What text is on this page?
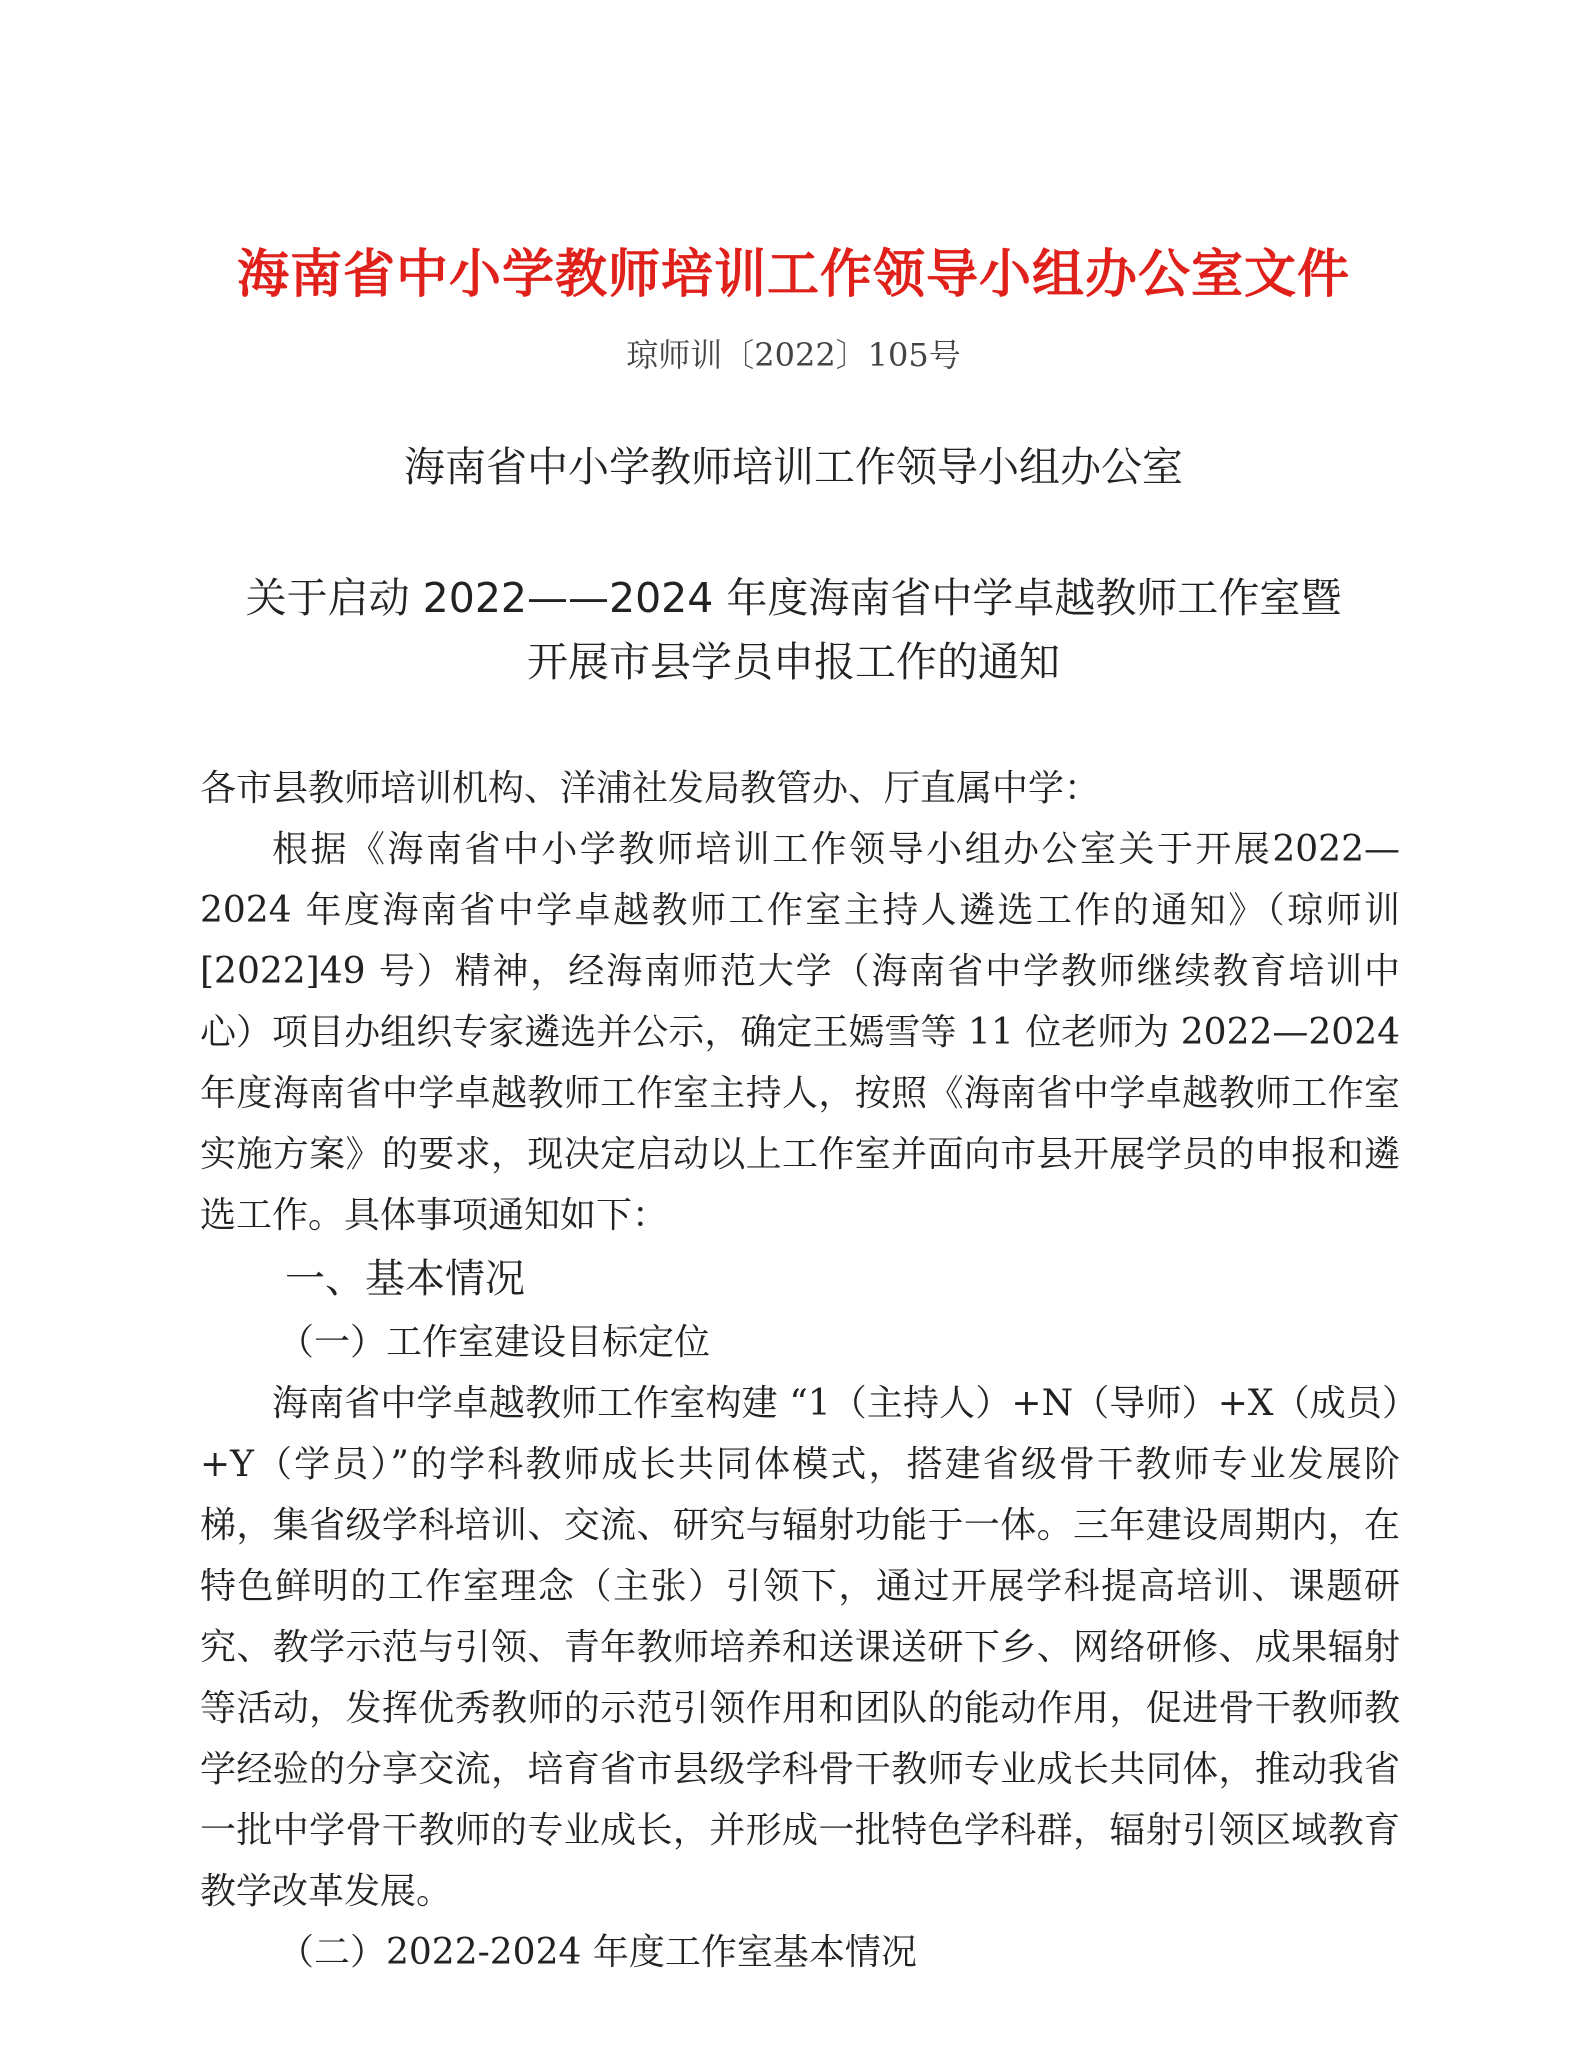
海南省中小学教师培训工作领导小组办公室文件
琼师训〔2022〕105号
海南省中小学教师培训工作领导小组办公室
关于启动 2022——2024 年度海南省中学卓越教师工作室暨
开展市县学员申报工作的通知

各市县教师培训机构、洋浦社发局教管办、厅直属中学：

根据《海南省中小学教师培训工作领导小组办公室关于开展2022—2024 年度海南省中学卓越教师工作室主持人遴选工作的通知》（琼师训[2022]49 号）精神，经海南师范大学（海南省中学教师继续教育培训中心）项目办组织专家遴选并公示，确定王嫣雪等 11 位老师为 2022—2024 年度海南省中学卓越教师工作室主持人，按照《海南省中学卓越教师工作室实施方案》的要求，现决定启动以上工作室并面向市县开展学员的申报和遴选工作。具体事项通知如下：

一、基本情况

（一）工作室建设目标定位

海南省中学卓越教师工作室构建 “1（主持人）+N（导师）+X（成员）+Y（学员）”的学科教师成长共同体模式，搭建省级骨干教师专业发展阶梯，集省级学科培训、交流、研究与辐射功能于一体。三年建设周期内，在特色鲜明的工作室理念（主张）引领下，通过开展学科提高培训、课题研究、教学示范与引领、青年教师培养和送课送研下乡、网络研修、成果辐射等活动，发挥优秀教师的示范引领作用和团队的能动作用，促进骨干教师教学经验的分享交流，培育省市县级学科骨干教师专业成长共同体，推动我省一批中学骨干教师的专业成长，并形成一批特色学科群，辐射引领区域教育教学改革发展。

（二）2022-2024 年度工作室基本情况
